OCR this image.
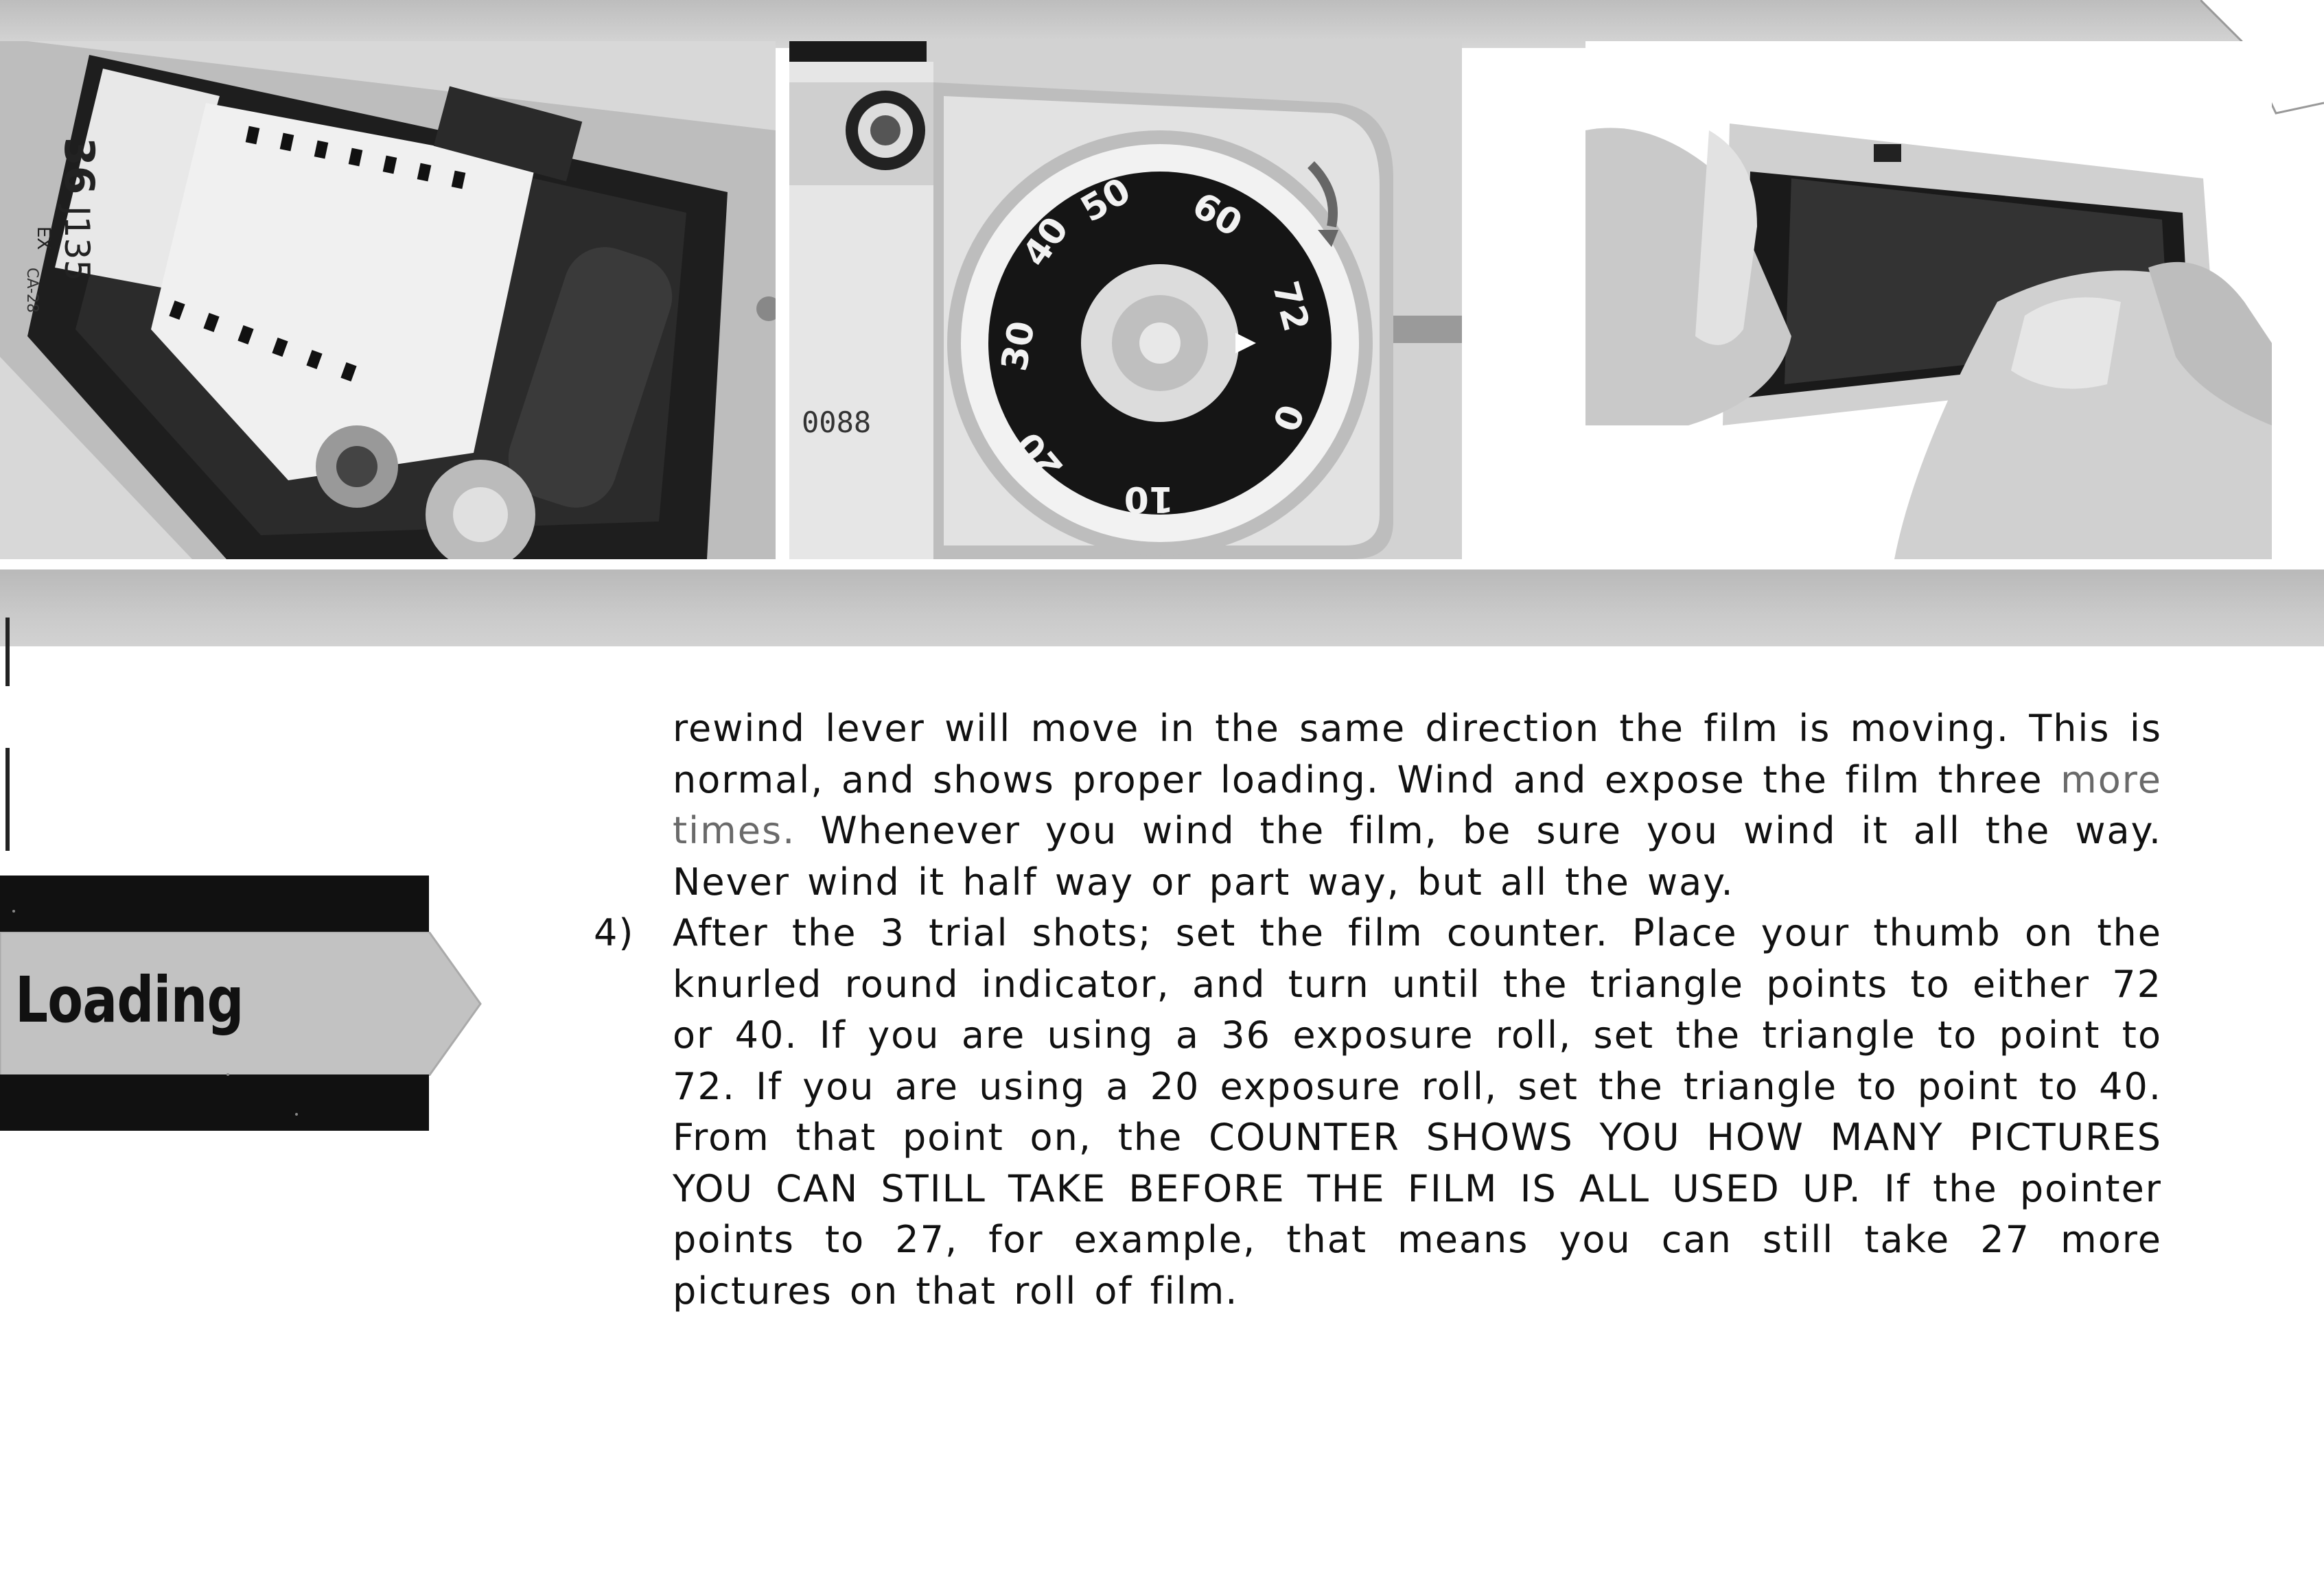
36
EX J135
CA-28
50
40	60
30
72
20
0
10
0088
Loading

rewind lever will move in the same direction the film is moving. This is normal, and shows proper loading. Wind and expose the film three more times. Whenever you wind the film, be sure you wind it all the way. Never wind it half way or part way, but all the way.

4) After the 3 trial shots; set the film counter. Place your thumb on the knurled round indicator, and turn until the triangle points to either 72 or 40. If you are using a 36 exposure roll, set the triangle to point to 72. If you are using a 20 exposure roll, set the triangle to point to 40. From that point on, the COUNTER SHOWS YOU HOW MANY PICTURES YOU CAN STILL TAKE BEFORE THE FILM IS ALL USED UP. If the pointer points to 27, for example, that means you can still take 27 more pictures on that roll of film.
